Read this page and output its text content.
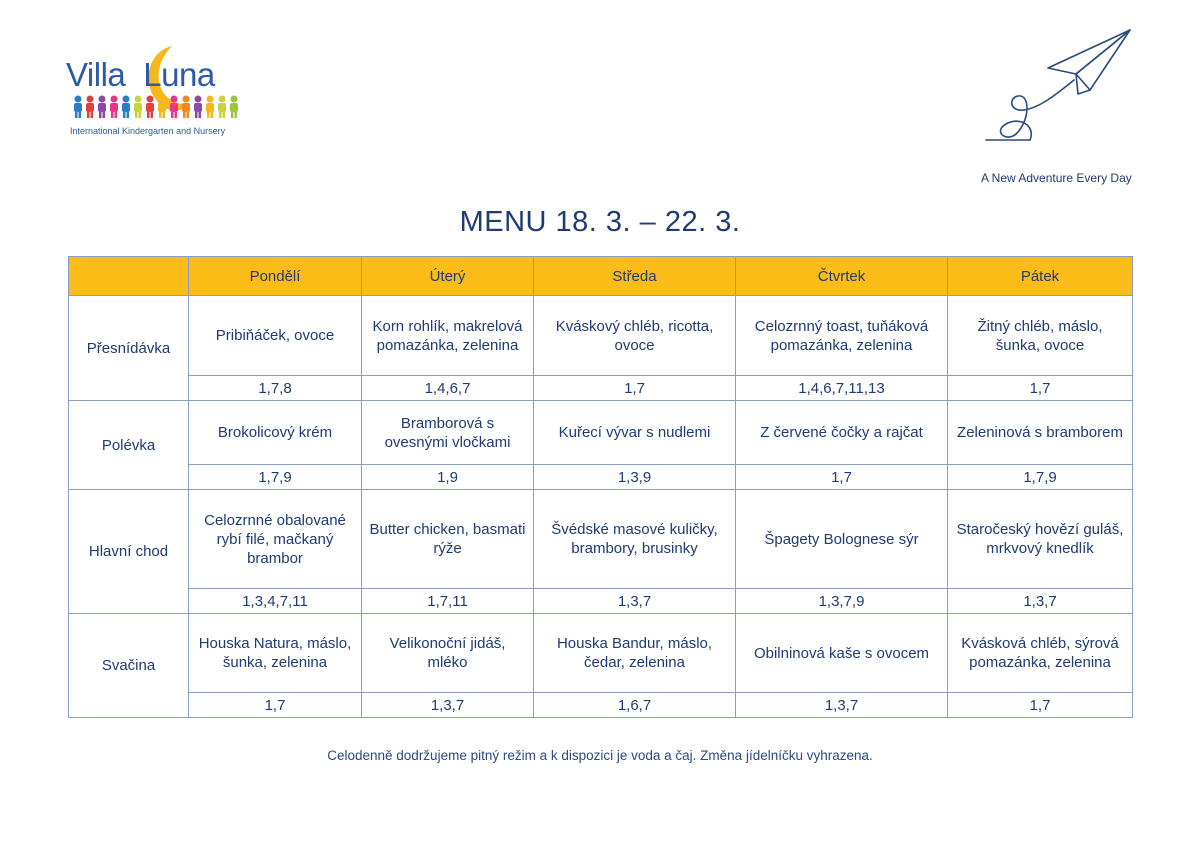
Villa Luna
International Kindergarten and Nursery
A New Adventure Every Day
MENU 18. 3. – 22. 3.
	Pondělí	Úterý	Středa	Čtvrtek	Pátek
Přesnídávka	Pribiňáček, ovoce	Korn rohlík, makrelová pomazánka, zelenina	Kváskový chléb, ricotta, ovoce	Celozrnný toast, tuňáková pomazánka, zelenina	Žitný chléb, máslo, šunka, ovoce
	1,7,8	1,4,6,7	1,7	1,4,6,7,11,13	1,7
Polévka	Brokolicový krém	Bramborová s ovesnými vločkami	Kuřecí vývar s nudlemi	Z červené čočky a rajčat	Zeleninová s bramborem
	1,7,9	1,9	1,3,9	1,7	1,7,9
Hlavní chod	Celozrnné obalované rybí filé, mačkaný brambor	Butter chicken, basmati rýže	Švédské masové kuličky, brambory, brusinky	Špagety Bolognese sýr	Staročeský hovězí guláš, mrkvový knedlík
	1,3,4,7,11	1,7,11	1,3,7	1,3,7,9	1,3,7
Svačina	Houska Natura, máslo, šunka, zelenina	Velikonoční jidáš, mléko	Houska Bandur, máslo, čedar, zelenina	Obilninová kaše s ovocem	Kvásková chléb, sýrová pomazánka, zelenina
	1,7	1,3,7	1,6,7	1,3,7	1,7
Celodenně dodržujeme pitný režim a k dispozici je voda a čaj. Změna jídelníčku vyhrazena.
